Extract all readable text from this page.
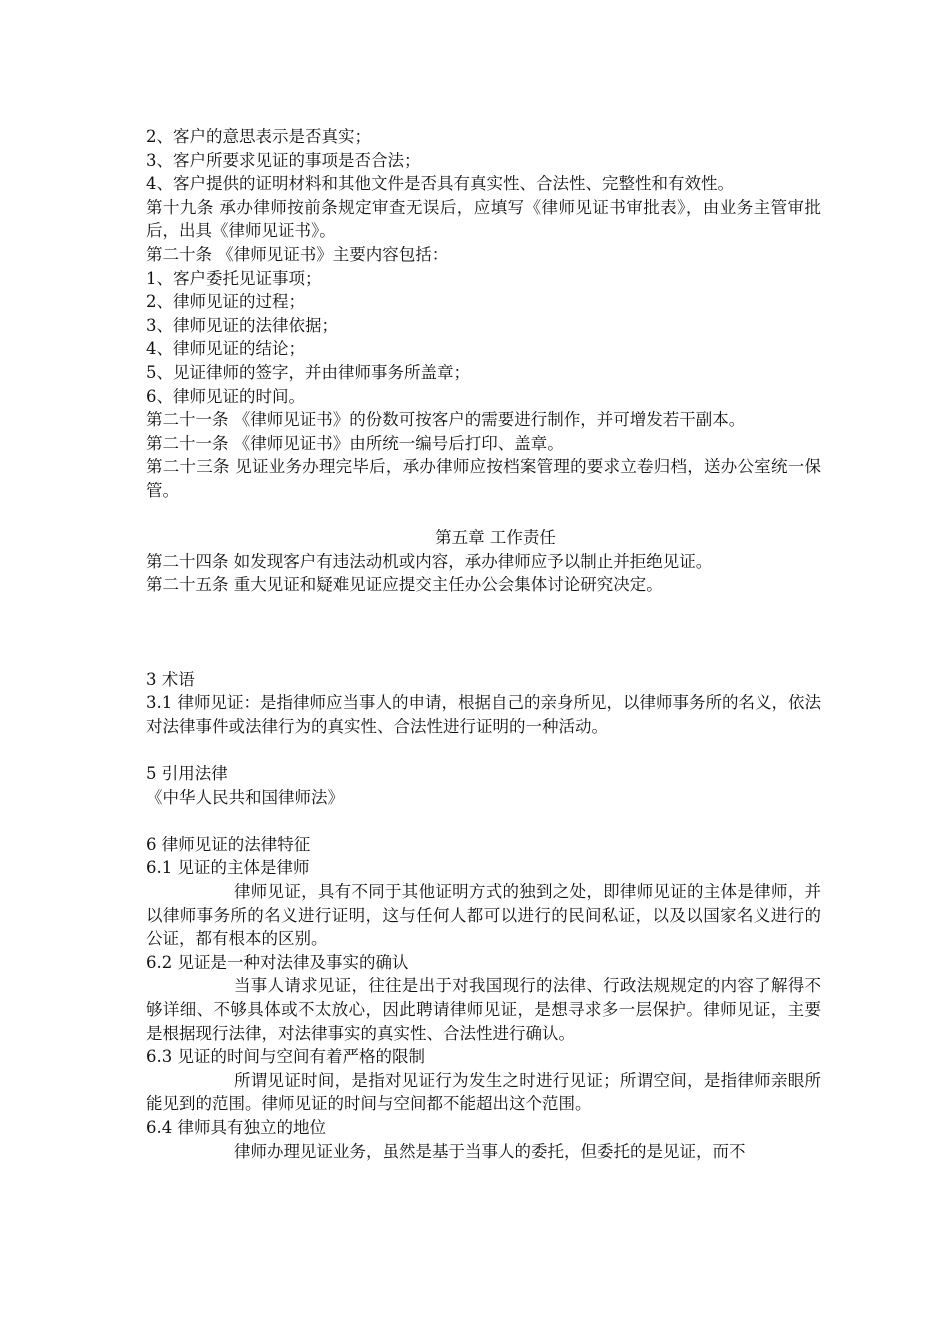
2、客户的意思表示是否真实；
3、客户所要求见证的事项是否合法；
4、客户提供的证明材料和其他文件是否具有真实性、合法性、完整性和有效性。
第十九条 承办律师按前条规定审查无误后，应填写《律师见证书审批表》，由业务主管审批后，出具《律师见证书》。
第二十条 《律师见证书》主要内容包括：
1、客户委托见证事项；
2、律师见证的过程；
3、律师见证的法律依据；
4、律师见证的结论；
5、见证律师的签字，并由律师事务所盖章；
6、律师见证的时间。
第二十一条 《律师见证书》的份数可按客户的需要进行制作，并可增发若干副本。
第二十一条 《律师见证书》由所统一编号后打印、盖章。
第二十三条 见证业务办理完毕后，承办律师应按档案管理的要求立卷归档，送办公室统一保管。
第五章 工作责任
第二十四条 如发现客户有违法动机或内容，承办律师应予以制止并拒绝见证。
第二十五条 重大见证和疑难见证应提交主任办公会集体讨论研究决定。
3 术语
3.1 律师见证：是指律师应当事人的申请，根据自己的亲身所见，以律师事务所的名义，依法对法律事件或法律行为的真实性、合法性进行证明的一种活动。
5 引用法律
《中华人民共和国律师法》
6 律师见证的法律特征
6.1 见证的主体是律师
律师见证，具有不同于其他证明方式的独到之处，即律师见证的主体是律师，并以律师事务所的名义进行证明，这与任何人都可以进行的民间私证，以及以国家名义进行的公证，都有根本的区别。
6.2 见证是一种对法律及事实的确认
当事人请求见证，往往是出于对我国现行的法律、行政法规规定的内容了解得不够详细、不够具体或不太放心，因此聘请律师见证，是想寻求多一层保护。律师见证，主要是根据现行法律，对法律事实的真实性、合法性进行确认。
6.3 见证的时间与空间有着严格的限制
所谓见证时间，是指对见证行为发生之时进行见证；所谓空间，是指律师亲眼所能见到的范围。律师见证的时间与空间都不能超出这个范围。
6.4 律师具有独立的地位
律师办理见证业务，虽然是基于当事人的委托，但委托的是见证，而不
